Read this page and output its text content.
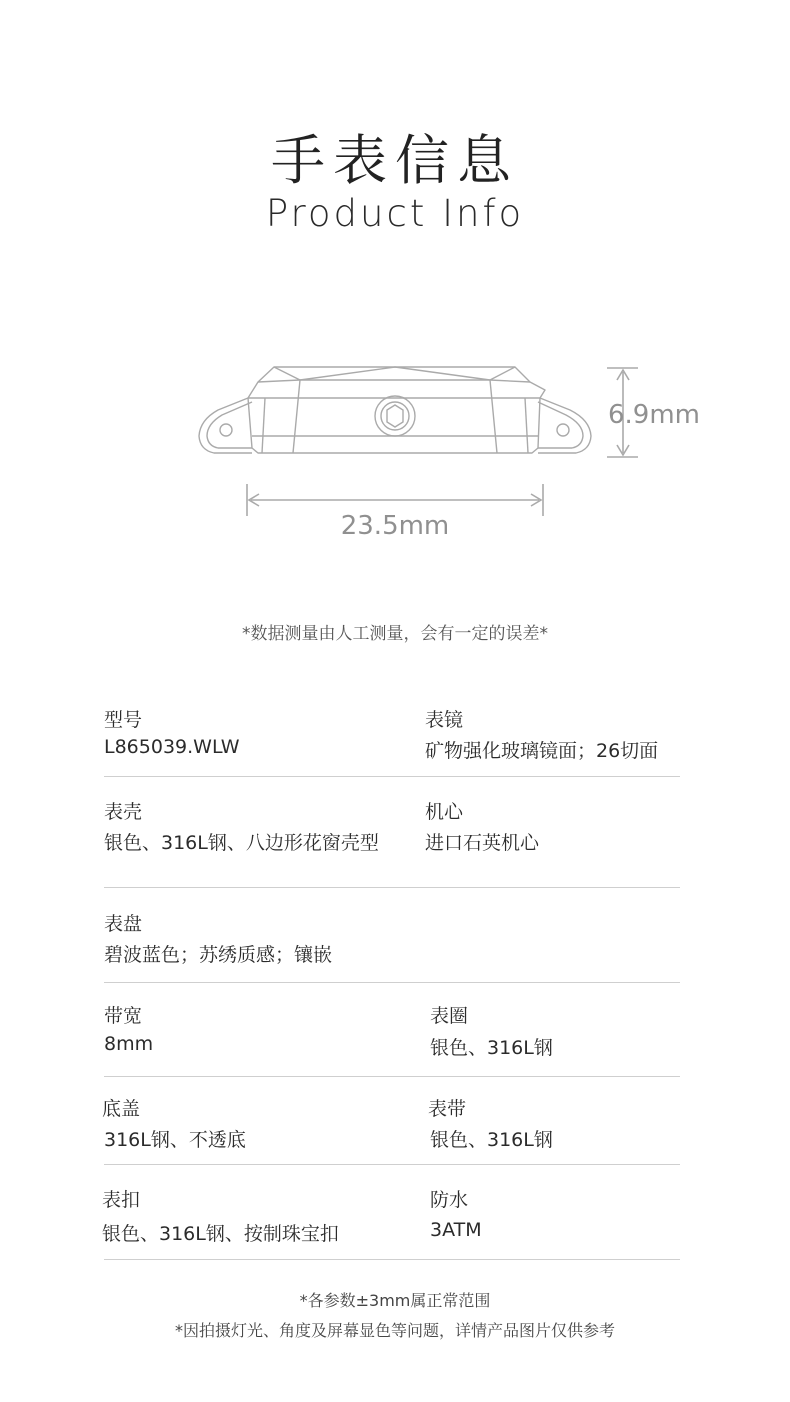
手表信息
Product Info
6.9mm
23.5mm
*数据测量由人工测量，会有一定的误差*
型号
L865039.WLW
表镜
矿物强化玻璃镜面；26切面
表壳
银色、316L钢、八边形花窗壳型
机心
进口石英机心
表盘
碧波蓝色；苏绣质感；镶嵌
带宽
8mm
表圈
银色、316L钢
底盖
316L钢、不透底
表带
银色、316L钢
表扣
银色、316L钢、按制珠宝扣
防水
3ATM
*各参数±3mm属正常范围
*因拍摄灯光、角度及屏幕显色等问题，详情产品图片仅供参考
